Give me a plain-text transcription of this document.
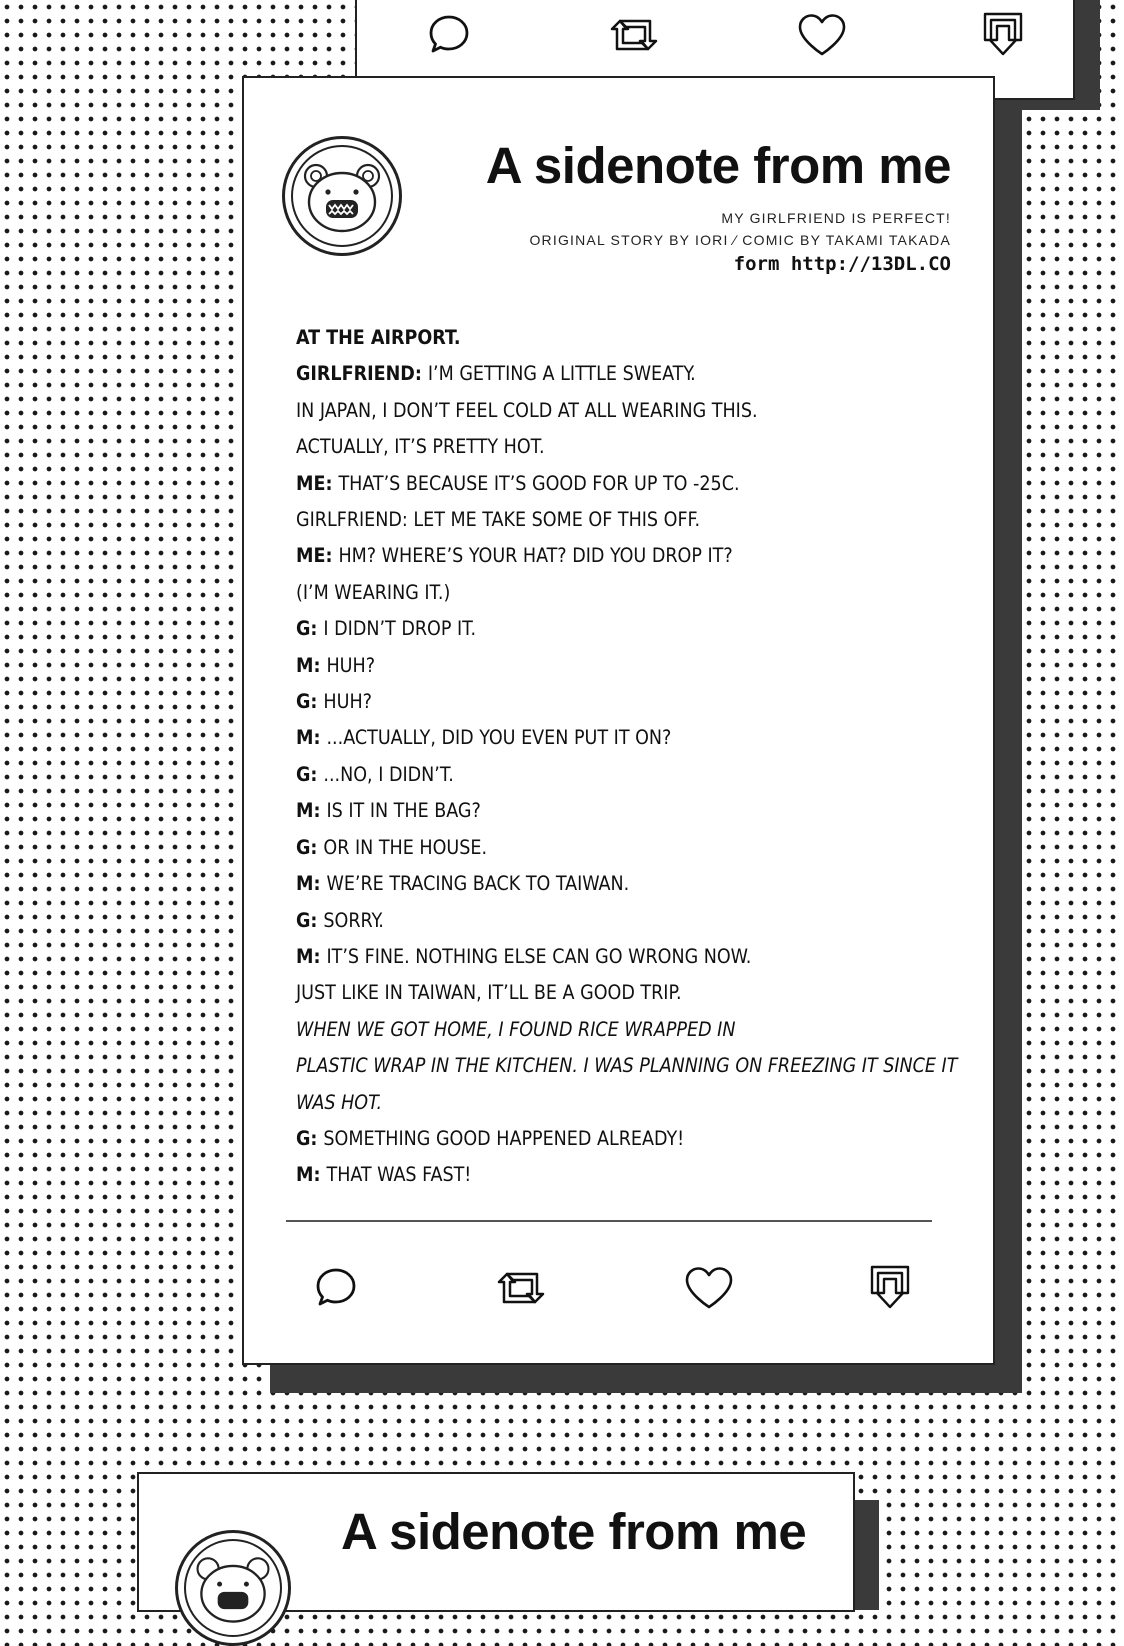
A sidenote from me
MY GIRLFRIEND IS PERFECT!
ORIGINAL STORY BY IORI ∕ COMIC BY TAKAMI TAKADA
form http://13DL.CO
AT THE AIRPORT.
GIRLFRIEND: I’M GETTING A LITTLE SWEATY.
IN JAPAN, I DON’T FEEL COLD AT ALL WEARING THIS.
ACTUALLY, IT’S PRETTY HOT.
ME: THAT’S BECAUSE IT’S GOOD FOR UP TO -25C.
GIRLFRIEND: LET ME TAKE SOME OF THIS OFF.
ME: HM? WHERE’S YOUR HAT? DID YOU DROP IT?
(I’M WEARING IT.)
G: I DIDN’T DROP IT.
M: HUH?
G: HUH?
M: ...ACTUALLY, DID YOU EVEN PUT IT ON?
G: ...NO, I DIDN’T.
M: IS IT IN THE BAG?
G: OR IN THE HOUSE.
M: WE’RE TRACING BACK TO TAIWAN.
G: SORRY.
M: IT’S FINE. NOTHING ELSE CAN GO WRONG NOW.
JUST LIKE IN TAIWAN, IT’LL BE A GOOD TRIP.
WHEN WE GOT HOME, I FOUND RICE WRAPPED IN
PLASTIC WRAP IN THE KITCHEN. I WAS PLANNING ON FREEZING IT SINCE IT
WAS HOT.
G: SOMETHING GOOD HAPPENED ALREADY!
M: THAT WAS FAST!
A sidenote from me
